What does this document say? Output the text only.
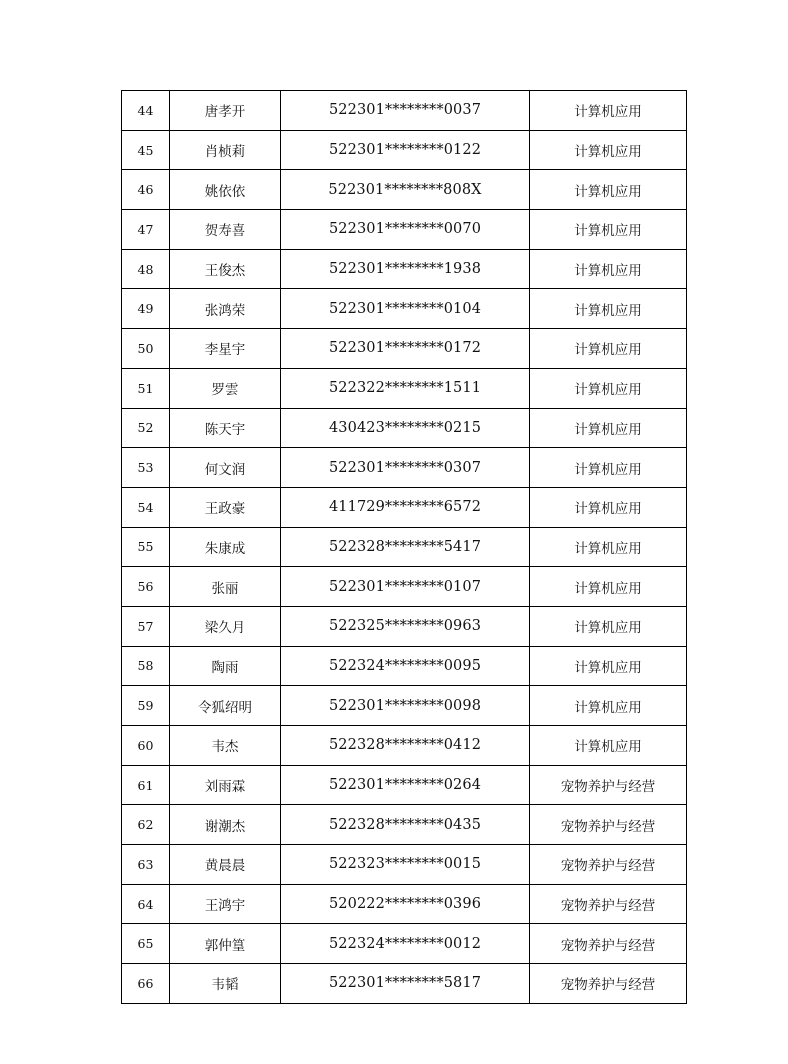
44	唐孝开	522301********0037	计算机应用
45	肖桢莉	522301********0122	计算机应用
46	姚依依	522301********808X	计算机应用
47	贺寿喜	522301********0070	计算机应用
48	王俊杰	522301********1938	计算机应用
49	张鸿荣	522301********0104	计算机应用
50	李星宇	522301********0172	计算机应用
51	罗雲	522322********1511	计算机应用
52	陈天宇	430423********0215	计算机应用
53	何文润	522301********0307	计算机应用
54	王政豪	411729********6572	计算机应用
55	朱康成	522328********5417	计算机应用
56	张丽	522301********0107	计算机应用
57	梁久月	522325********0963	计算机应用
58	陶雨	522324********0095	计算机应用
59	令狐绍明	522301********0098	计算机应用
60	韦杰	522328********0412	计算机应用
61	刘雨霖	522301********0264	宠物养护与经营
62	谢潮杰	522328********0435	宠物养护与经营
63	黄晨晨	522323********0015	宠物养护与经营
64	王鸿宇	520222********0396	宠物养护与经营
65	郭仲篁	522324********0012	宠物养护与经营
66	韦韬	522301********5817	宠物养护与经营
